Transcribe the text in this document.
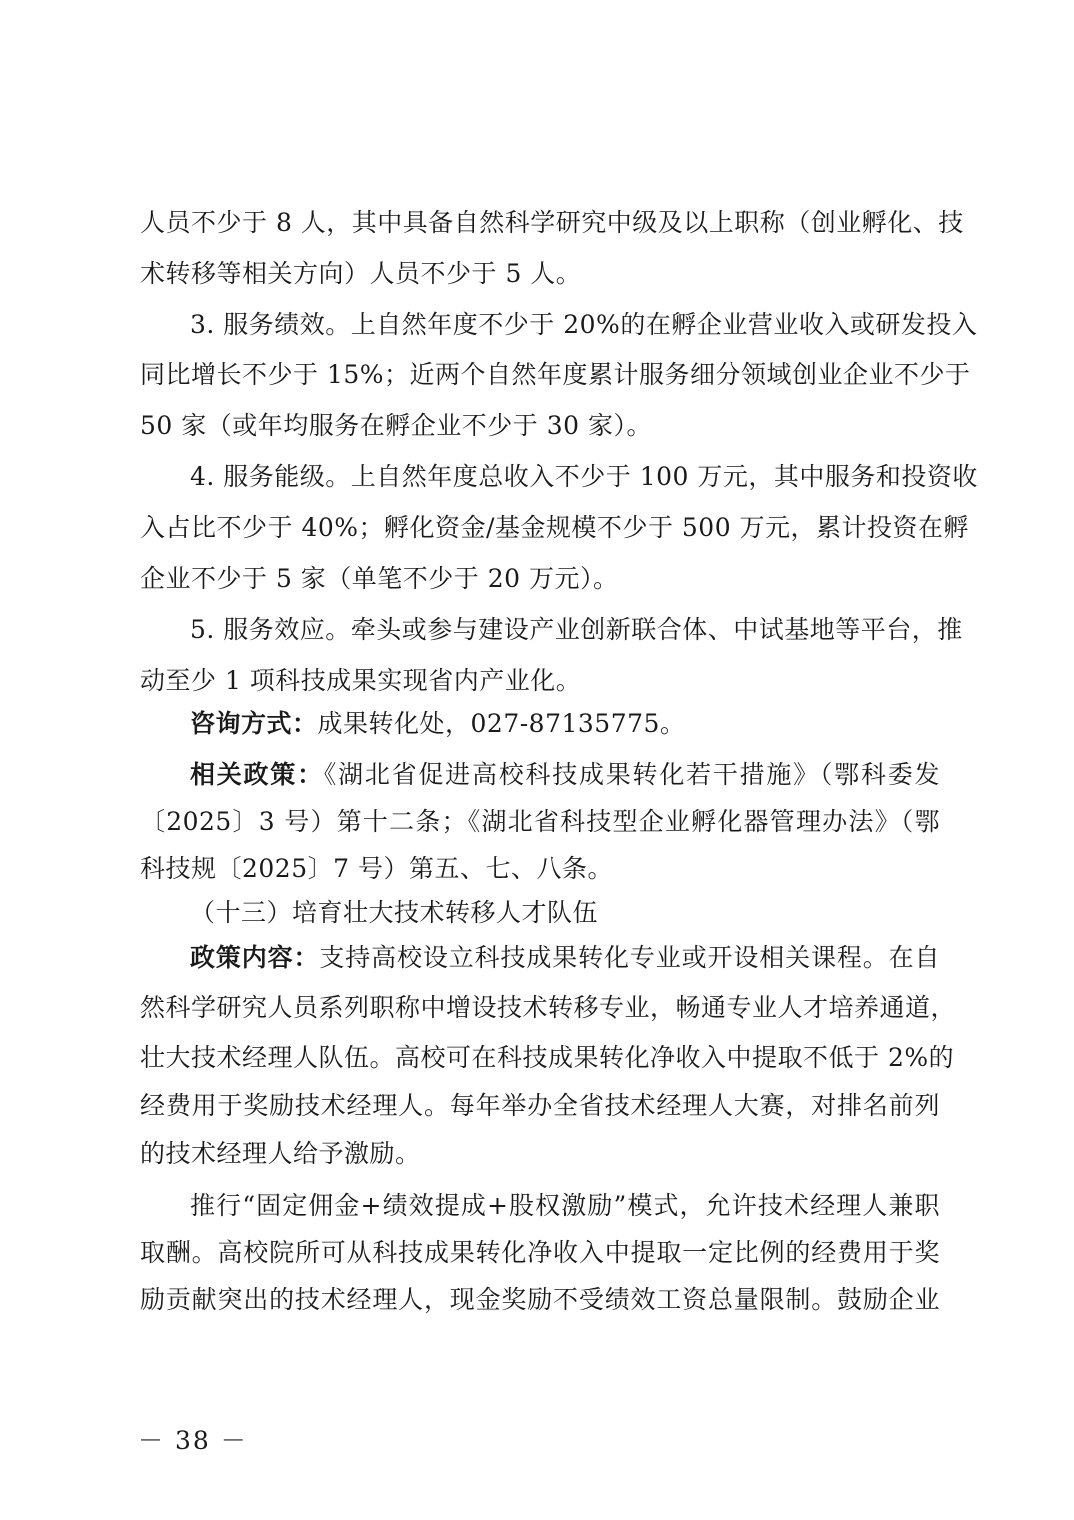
人员不少于 8 人，其中具备自然科学研究中级及以上职称（创业孵化、技
术转移等相关方向）人员不少于 5 人。
3. 服务绩效。上自然年度不少于 20%的在孵企业营业收入或研发投入
同比增长不少于 15%；近两个自然年度累计服务细分领域创业企业不少于
50 家（或年均服务在孵企业不少于 30 家）。
4. 服务能级。上自然年度总收入不少于 100 万元，其中服务和投资收
入占比不少于 40%；孵化资金/基金规模不少于 500 万元，累计投资在孵
企业不少于 5 家（单笔不少于 20 万元）。
5. 服务效应。牵头或参与建设产业创新联合体、中试基地等平台，推
动至少 1 项科技成果实现省内产业化。
咨询方式：成果转化处，027-87135775。
相关政策：《湖北省促进高校科技成果转化若干措施》（鄂科委发
〔2025〕3 号）第十二条；《湖北省科技型企业孵化器管理办法》（鄂
科技规〔2025〕7 号）第五、七、八条。
（十三）培育壮大技术转移人才队伍
政策内容：支持高校设立科技成果转化专业或开设相关课程。在自
然科学研究人员系列职称中增设技术转移专业，畅通专业人才培养通道，
壮大技术经理人队伍。高校可在科技成果转化净收入中提取不低于 2%的
经费用于奖励技术经理人。每年举办全省技术经理人大赛，对排名前列
的技术经理人给予激励。
推行“固定佣金+绩效提成+股权激励”模式，允许技术经理人兼职
取酬。高校院所可从科技成果转化净收入中提取一定比例的经费用于奖
励贡献突出的技术经理人，现金奖励不受绩效工资总量限制。鼓励企业
－ 38 －
